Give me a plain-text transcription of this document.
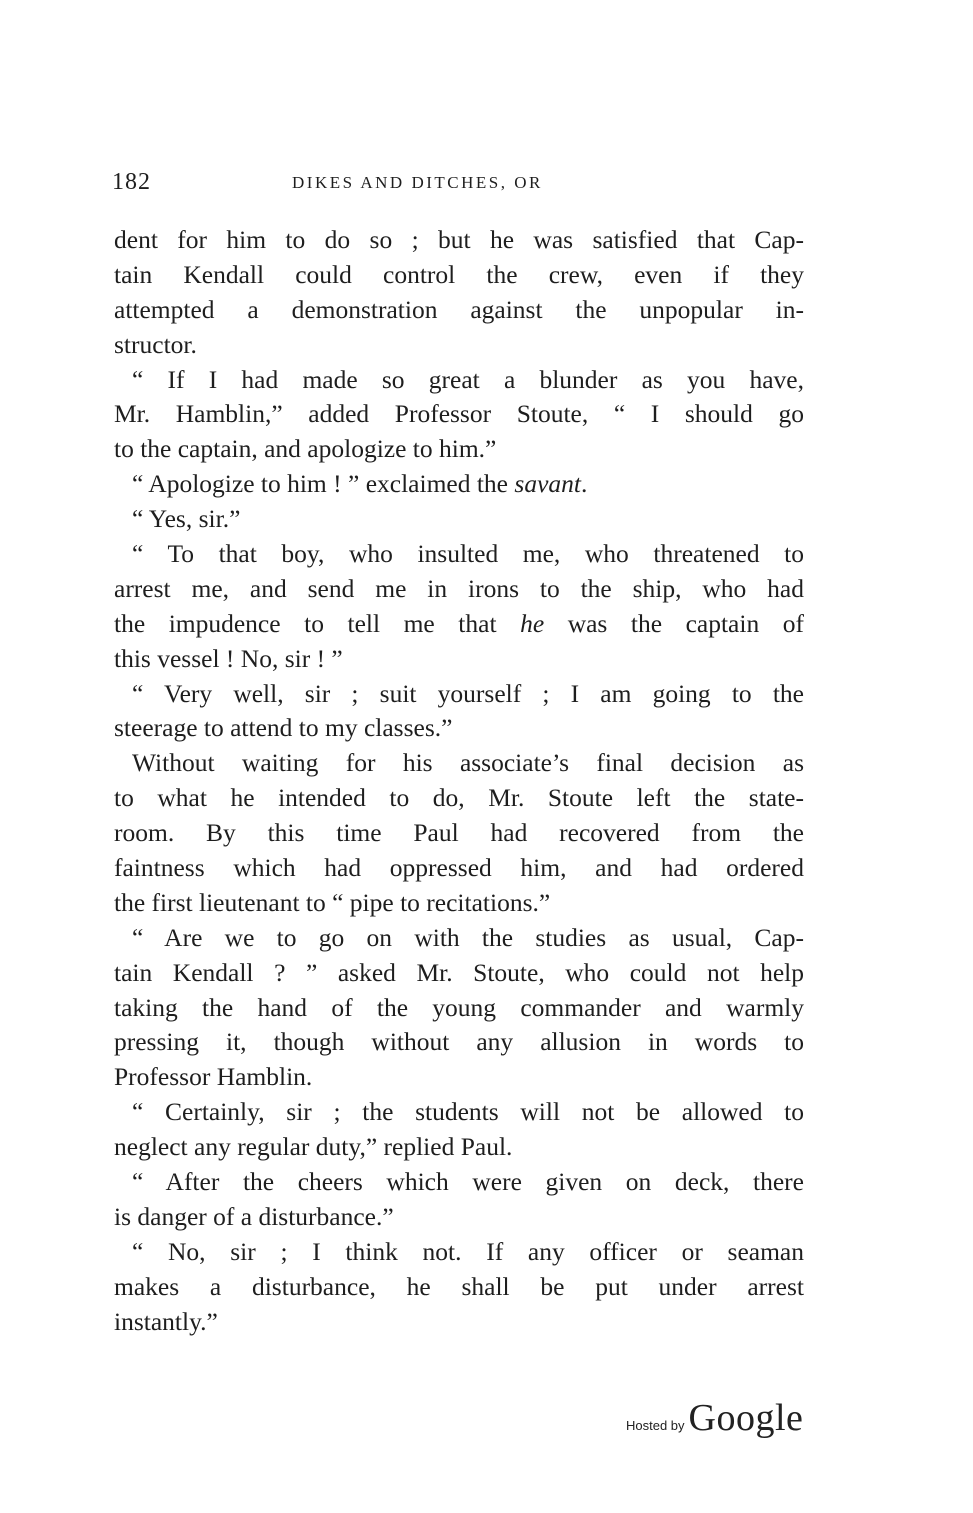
182	DIKES AND DITCHES, OR
dent for him to do so ; but he was satisfied that Cap-
tain Kendall could control the crew, even if they
attempted a demonstration against the unpopular in-
structor.
“ If I had made so great a blunder as you have,
Mr. Hamblin,” added Professor Stoute, “ I should go
to the captain, and apologize to him.”
“ Apologize to him ! ” exclaimed the savant.
“ Yes, sir.”
“ To that boy, who insulted me, who threatened to
arrest me, and send me in irons to the ship, who had
the impudence to tell me that he was the captain of
this vessel ! No, sir ! ”
“ Very well, sir ; suit yourself ; I am going to the
steerage to attend to my classes.”
Without waiting for his associate’s final decision as
to what he intended to do, Mr. Stoute left the state-
room. By this time Paul had recovered from the
faintness which had oppressed him, and had ordered
the first lieutenant to “ pipe to recitations.”
“ Are we to go on with the studies as usual, Cap-
tain Kendall ? ” asked Mr. Stoute, who could not help
taking the hand of the young commander and warmly
pressing it, though without any allusion in words to
Professor Hamblin.
“ Certainly, sir ; the students will not be allowed to
neglect any regular duty,” replied Paul.
“ After the cheers which were given on deck, there
is danger of a disturbance.”
“ No, sir ; I think not. If any officer or seaman
makes a disturbance, he shall be put under arrest
instantly.”
Hosted by Google
